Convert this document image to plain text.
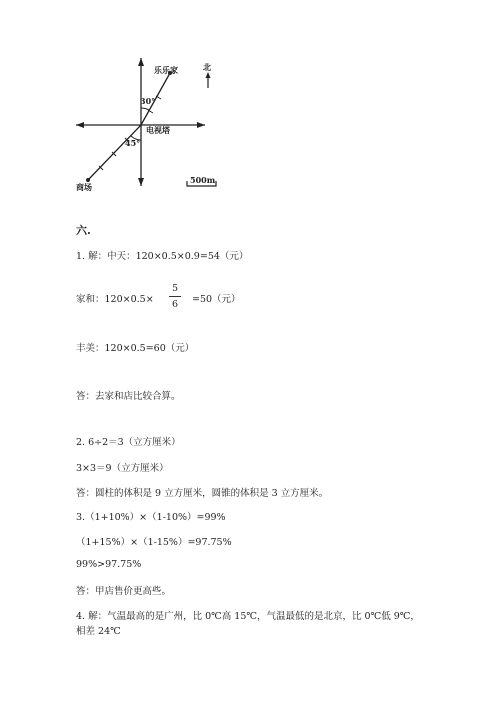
30°
45°
乐乐家
电视塔
商场
北
500m
六.
1. 解：中天：120×0.5×0.9=54（元）
家和：120×0.5×
5
6	=50（元）
丰美：120×0.5=60（元）
答：去家和店比较合算。
2. 6÷2＝3（立方厘米）
3×3＝9（立方厘米）
答：圆柱的体积是 9 立方厘米，圆锥的体积是 3 立方厘米。
3.（1+10%）×（1-10%）=99%
（1+15%）×（1-15%）=97.75%
99%>97.75%
答：甲店售价更高些。
4. 解：气温最高的是广州，比 0℃高 15℃，气温最低的是北京，比 0℃低 9℃，
相差 24℃
